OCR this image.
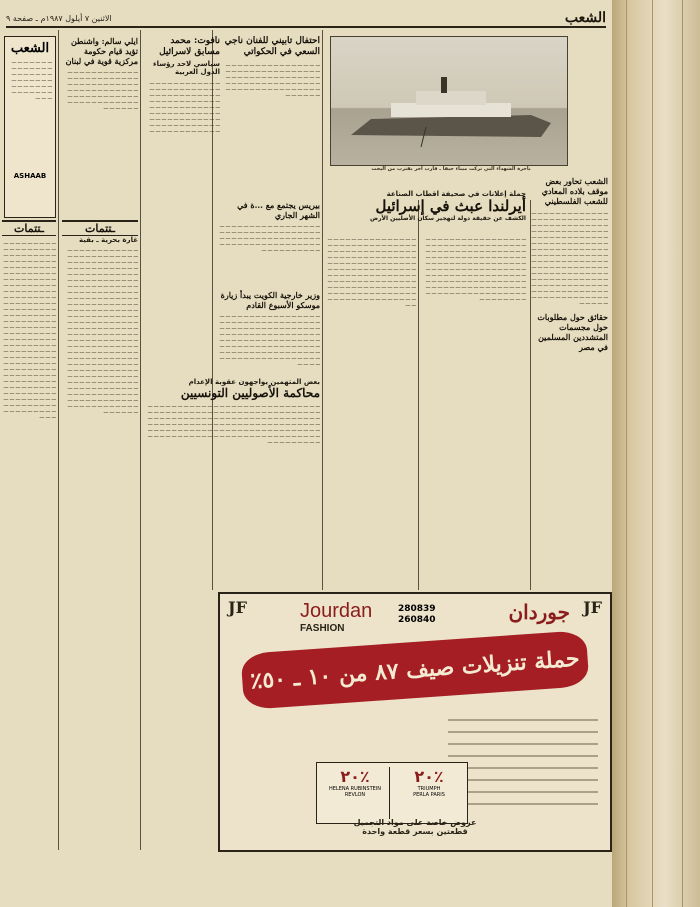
الشعب
الاثنين ٧ أيلول ١٩٨٧م ـ صفحة ٩
الشعب
ـــ ـــ ـــ ـــ ـــ ـــ ـــ ـــ ـــ ـــ ـــ ـــ ـــ ـــ ـــ ـــ ـــ ـــ ـــ ـــ ـــ ـــ ـــ ـــ ـــ ـــ ـــ ـــ ـــ ـــ ـــ ـــ ـــ ـــ ـــ ـــ ـــ ـــ ـــ ـــ ـــ ـــ ـــ ـــ ـــ
ASHAAB
باخرة الشهداء التي تركت ميناء حيفا ـ قارب آخر يقترب من اليخت
الشعب تحاور بعض موقف بلاده المعادي للشعب الفلسطيني
ـــ ـــ ـــ ـــ ـــ ـــ ـــ ـــ ـــ ـــ ـــ ـــ ـــ ـــ ـــ ـــ ـــ ـــ ـــ ـــ ـــ ـــ ـــ ـــ ـــ ـــ ـــ ـــ ـــ ـــ ـــ ـــ ـــ ـــ ـــ ـــ ـــ ـــ ـــ ـــ ـــ ـــ ـــ ـــ ـــ ـــ ـــ ـــ ـــ ـــ ـــ ـــ ـــ ـــ ـــ ـــ ـــ ـــ ـــ ـــ ـــ ـــ ـــ ـــ ـــ ـــ ـــ ـــ ـــ ـــ ـــ ـــ ـــ ـــ ـــ ـــ ـــ ـــ ـــ ـــ ـــ ـــ ـــ ـــ ـــ ـــ ـــ ـــ ـــ ـــ ـــ ـــ ـــ ـــ ـــ ـــ ـــ ـــ ـــ ـــ ـــ ـــ ـــ ـــ ـــ ـــ ـــ ـــ ـــ ـــ ـــ ـــ ـــ ـــ ـــ ـــ ـــ ـــ ـــ ـــ ـــ ـــ ـــ ـــ ـــ ـــ ـــ ـــ ـــ ـــ ـــ ـــ ـــ ـــ ـــ ـــ ـــ ـــ ـــ ـــ ـــ ـــ ـــ ـــ ـــ ـــ ـــ ـــ ـــ ـــ ـــ ـــ ـــ ـــ ـــ ـــ ـــ ـــ ـــ ـــ ـــ ـــ ـــ ـــ ـــ ـــ ـــ ـــ ـــ ـــ ـــ ـــ ـــ ـــ ـــ ـــ ـــ ـــ ـــ ـــ ـــ ـــ ـــ ـــ ـــ ـــ ـــ ـــ ـــ ـــ ـــ ـــ ـــ ـــ ـــ ـــ ـــ ـــ ـــ ـــ
حقائق حول مطلوبات حول مجسمات المتشددين المسلمين في مصر
احتفال تأبيني للفنان ناجي السعي في الحكواتي
ـــ ـــ ـــ ـــ ـــ ـــ ـــ ـــ ـــ ـــ ـــ ـــ ـــ ـــ ـــ ـــ ـــ ـــ ـــ ـــ ـــ ـــ ـــ ـــ ـــ ـــ ـــ ـــ ـــ ـــ ـــ ـــ ـــ ـــ ـــ ـــ ـــ ـــ ـــ ـــ ـــ ـــ ـــ ـــ ـــ ـــ ـــ ـــ ـــ ـــ ـــ ـــ ـــ ـــ ـــ ـــ ـــ ـــ ـــ ـــ ـــ ـــ ـــ ـــ ـــ ـــ ـــ ـــ ـــ ـــ ـــ ـــ ـــ ـــ ـــ ـــ ـــ ـــ ـــ ـــ ـــ ـــ ـــ ـــ ـــ ـــ
حملة إعلانات في صحيفة اقطاب الصناعة
أيرلندا عبث في إسرائيل
الكشف عن حقيقة دولة لتهجير سكان الأصليين الأرض
ـــ ـــ ـــ ـــ ـــ ـــ ـــ ـــ ـــ ـــ ـــ ـــ ـــ ـــ ـــ ـــ ـــ ـــ ـــ ـــ ـــ ـــ ـــ ـــ ـــ ـــ ـــ ـــ ـــ ـــ ـــ ـــ ـــ ـــ ـــ ـــ ـــ ـــ ـــ ـــ ـــ ـــ ـــ ـــ ـــ ـــ ـــ ـــ ـــ ـــ ـــ ـــ ـــ ـــ ـــ ـــ ـــ ـــ ـــ ـــ ـــ ـــ ـــ ـــ ـــ ـــ ـــ ـــ ـــ ـــ ـــ ـــ ـــ ـــ ـــ ـــ ـــ ـــ ـــ ـــ ـــ ـــ ـــ ـــ ـــ ـــ ـــ ـــ ـــ ـــ ـــ ـــ ـــ ـــ ـــ ـــ ـــ ـــ ـــ ـــ ـــ ـــ ـــ ـــ ـــ ـــ ـــ ـــ ـــ ـــ ـــ ـــ ـــ ـــ ـــ ـــ ـــ ـــ ـــ ـــ ـــ ـــ ـــ ـــ ـــ ـــ ـــ ـــ ـــ ـــ ـــ ـــ ـــ ـــ ـــ ـــ ـــ ـــ ـــ ـــ ـــ ـــ ـــ ـــ ـــ ـــ ـــ ـــ ـــ ـــ ـــ ـــ ـــ ـــ ـــ ـــ ـــ ـــ ـــ ـــ ـــ ـــ ـــ ـــ ـــ ـــ ـــ
ـــ ـــ ـــ ـــ ـــ ـــ ـــ ـــ ـــ ـــ ـــ ـــ ـــ ـــ ـــ ـــ ـــ ـــ ـــ ـــ ـــ ـــ ـــ ـــ ـــ ـــ ـــ ـــ ـــ ـــ ـــ ـــ ـــ ـــ ـــ ـــ ـــ ـــ ـــ ـــ ـــ ـــ ـــ ـــ ـــ ـــ ـــ ـــ ـــ ـــ ـــ ـــ ـــ ـــ ـــ ـــ ـــ ـــ ـــ ـــ ـــ ـــ ـــ ـــ ـــ ـــ ـــ ـــ ـــ ـــ ـــ ـــ ـــ ـــ ـــ ـــ ـــ ـــ ـــ ـــ ـــ ـــ ـــ ـــ ـــ ـــ ـــ ـــ ـــ ـــ ـــ ـــ ـــ ـــ ـــ ـــ ـــ ـــ ـــ ـــ ـــ ـــ ـــ ـــ ـــ ـــ ـــ ـــ ـــ ـــ ـــ ـــ ـــ ـــ ـــ ـــ ـــ ـــ ـــ ـــ ـــ ـــ ـــ ـــ ـــ ـــ ـــ ـــ ـــ ـــ ـــ ـــ ـــ ـــ ـــ ـــ ـــ ـــ ـــ ـــ ـــ ـــ ـــ ـــ ـــ ـــ ـــ ـــ ـــ ـــ ـــ ـــ ـــ ـــ ـــ ـــ ـــ ـــ ـــ ـــ ـــ ـــ ـــ ـــ ـــ ـــ ـــ ـــ ـــ ـــ ـــ ـــ ـــ ـــ ـــ ـــ ـــ ـــ
نافوت: محمد مسابق لاسرائيل
سياسي لاحد رؤساء الدول العربية
ـــ ـــ ـــ ـــ ـــ ـــ ـــ ـــ ـــ ـــ ـــ ـــ ـــ ـــ ـــ ـــ ـــ ـــ ـــ ـــ ـــ ـــ ـــ ـــ ـــ ـــ ـــ ـــ ـــ ـــ ـــ ـــ ـــ ـــ ـــ ـــ ـــ ـــ ـــ ـــ ـــ ـــ ـــ ـــ ـــ ـــ ـــ ـــ ـــ ـــ ـــ ـــ ـــ ـــ ـــ ـــ ـــ ـــ ـــ ـــ ـــ ـــ ـــ ـــ ـــ ـــ ـــ ـــ ـــ ـــ ـــ ـــ ـــ ـــ ـــ ـــ ـــ ـــ ـــ ـــ ـــ ـــ ـــ ـــ ـــ ـــ ـــ ـــ ـــ ـــ ـــ ـــ ـــ ـــ ـــ ـــ ـــ ـــ ـــ ـــ ـــ ـــ ـــ ـــ ـــ ـــ ـــ ـــ
بيريس يجتمع مع ...ة في الشهر الجاري
ـــ ـــ ـــ ـــ ـــ ـــ ـــ ـــ ـــ ـــ ـــ ـــ ـــ ـــ ـــ ـــ ـــ ـــ ـــ ـــ ـــ ـــ ـــ ـــ ـــ ـــ ـــ ـــ ـــ ـــ ـــ ـــ ـــ ـــ ـــ ـــ ـــ ـــ ـــ ـــ ـــ ـــ ـــ ـــ ـــ ـــ ـــ ـــ ـــ ـــ ـــ ـــ ـــ ـــ ـــ ـــ ـــ ـــ ـــ ـــ ـــ ـــ ـــ ـــ ـــ ـــ ـــ ـــ ـــ ـــ ـــ ـــ ـــ ـــ ـــ ـــ ـــ ـــ
وزير خارجية الكويت يبدأ زيارة موسكو الأسبوع القادم
ـــ ـــ ـــ ـــ ـــ ـــ ـــ ـــ ـــ ـــ ـــ ـــ ـــ ـــ ـــ ـــ ـــ ـــ ـــ ـــ ـــ ـــ ـــ ـــ ـــ ـــ ـــ ـــ ـــ ـــ ـــ ـــ ـــ ـــ ـــ ـــ ـــ ـــ ـــ ـــ ـــ ـــ ـــ ـــ ـــ ـــ ـــ ـــ ـــ ـــ ـــ ـــ ـــ ـــ ـــ ـــ ـــ ـــ ـــ ـــ ـــ ـــ ـــ ـــ ـــ ـــ ـــ ـــ ـــ ـــ ـــ ـــ ـــ ـــ ـــ ـــ ـــ ـــ ـــ ـــ ـــ ـــ ـــ ـــ ـــ ـــ ـــ ـــ ـــ ـــ ـــ ـــ ـــ ـــ ـــ ـــ ـــ ـــ ـــ ـــ ـــ ـــ ـــ ـــ ـــ ـــ ـــ ـــ ـــ ـــ ـــ ـــ ـــ ـــ ـــ ـــ ـــ ـــ ـــ ـــ ـــ ـــ ـــ ـــ ـــ ـــ ـــ ـــ ـــ ـــ ـــ ـــ ـــ ـــ ـــ ـــ ـــ ـــ ـــ ـــ
بعض المتهمين يواجهون عقوبة الإعدام
محاكمة الأصوليين التونسيين
ـــ ـــ ـــ ـــ ـــ ـــ ـــ ـــ ـــ ـــ ـــ ـــ ـــ ـــ ـــ ـــ ـــ ـــ ـــ ـــ ـــ ـــ ـــ ـــ ـــ ـــ ـــ ـــ ـــ ـــ ـــ ـــ ـــ ـــ ـــ ـــ ـــ ـــ ـــ ـــ ـــ ـــ ـــ ـــ ـــ ـــ ـــ ـــ ـــ ـــ ـــ ـــ ـــ ـــ ـــ ـــ ـــ ـــ ـــ ـــ ـــ ـــ ـــ ـــ ـــ ـــ ـــ ـــ ـــ ـــ ـــ ـــ ـــ ـــ ـــ ـــ ـــ ـــ ـــ ـــ ـــ ـــ ـــ ـــ ـــ ـــ ـــ ـــ ـــ ـــ ـــ ـــ ـــ ـــ ـــ ـــ ـــ ـــ ـــ ـــ ـــ ـــ ـــ ـــ ـــ ـــ ـــ ـــ ـــ ـــ ـــ ـــ ـــ ـــ ـــ ـــ ـــ ـــ ـــ ـــ ـــ ـــ ـــ ـــ ـــ ـــ ـــ ـــ ـــ ـــ ـــ ـــ ـــ ـــ ـــ ـــ ـــ ـــ ـــ ـــ ـــ ـــ ـــ ـــ ـــ ـــ ـــ ـــ ـــ ـــ ـــ ـــ ـــ ـــ ـــ ـــ ـــ ـــ ـــ ـــ ـــ ـــ ـــ ـــ ـــ ـــ ـــ ـــ ـــ ـــ ـــ ـــ ـــ ـــ ـــ ـــ ـــ ـــ ـــ ـــ ـــ ـــ ـــ
ايلي سالم: واشنطن تؤيد قيام حكومة مركزية قوية في لبنان
ـــ ـــ ـــ ـــ ـــ ـــ ـــ ـــ ـــ ـــ ـــ ـــ ـــ ـــ ـــ ـــ ـــ ـــ ـــ ـــ ـــ ـــ ـــ ـــ ـــ ـــ ـــ ـــ ـــ ـــ ـــ ـــ ـــ ـــ ـــ ـــ ـــ ـــ ـــ ـــ ـــ ـــ ـــ ـــ ـــ ـــ ـــ ـــ ـــ ـــ ـــ ـــ ـــ ـــ ـــ ـــ ـــ ـــ ـــ ـــ ـــ ـــ ـــ ـــ ـــ ـــ ـــ ـــ ـــ ـــ ـــ ـــ ـــ ـــ ـــ ـــ ـــ ـــ
ـتتمات	ـتتمات
غارة بحرية ـ بقية
ـــ ـــ ـــ ـــ ـــ ـــ ـــ ـــ ـــ ـــ ـــ ـــ ـــ ـــ ـــ ـــ ـــ ـــ ـــ ـــ ـــ ـــ ـــ ـــ ـــ ـــ ـــ ـــ ـــ ـــ ـــ ـــ ـــ ـــ ـــ ـــ ـــ ـــ ـــ ـــ ـــ ـــ ـــ ـــ ـــ ـــ ـــ ـــ ـــ ـــ ـــ ـــ ـــ ـــ ـــ ـــ ـــ ـــ ـــ ـــ ـــ ـــ ـــ ـــ ـــ ـــ ـــ ـــ ـــ ـــ ـــ ـــ ـــ ـــ ـــ ـــ ـــ ـــ ـــ ـــ ـــ ـــ ـــ ـــ ـــ ـــ ـــ ـــ ـــ ـــ ـــ ـــ ـــ ـــ ـــ ـــ ـــ ـــ ـــ ـــ ـــ ـــ ـــ ـــ ـــ ـــ ـــ ـــ ـــ ـــ ـــ ـــ ـــ ـــ ـــ ـــ ـــ ـــ ـــ ـــ ـــ ـــ ـــ ـــ ـــ ـــ ـــ ـــ ـــ ـــ ـــ ـــ ـــ ـــ ـــ ـــ ـــ ـــ ـــ ـــ ـــ ـــ ـــ ـــ ـــ ـــ ـــ ـــ ـــ ـــ ـــ ـــ ـــ ـــ ـــ ـــ ـــ ـــ ـــ ـــ ـــ ـــ ـــ ـــ ـــ ـــ ـــ ـــ ـــ ـــ ـــ ـــ ـــ ـــ ـــ ـــ ـــ ـــ ـــ ـــ ـــ ـــ ـــ ـــ ـــ ـــ ـــ ـــ ـــ ـــ ـــ ـــ ـــ ـــ ـــ ـــ ـــ ـــ ـــ ـــ ـــ ـــ ـــ ـــ ـــ ـــ ـــ ـــ ـــ ـــ ـــ ـــ ـــ ـــ ـــ ـــ ـــ ـــ ـــ ـــ ـــ ـــ ـــ ـــ ـــ ـــ ـــ ـــ ـــ ـــ ـــ ـــ ـــ ـــ ـــ ـــ ـــ ـــ ـــ ـــ ـــ ـــ ـــ ـــ ـــ ـــ ـــ ـــ ـــ ـــ ـــ ـــ ـــ ـــ ـــ ـــ ـــ ـــ ـــ ـــ ـــ ـــ ـــ ـــ ـــ ـــ ـــ ـــ ـــ ـــ ـــ ـــ ـــ ـــ ـــ ـــ ـــ ـــ ـــ ـــ ـــ ـــ ـــ ـــ ـــ ـــ ـــ ـــ ـــ ـــ ـــ ـــ ـــ ـــ ـــ ـــ ـــ ـــ ـــ ـــ ـــ ـــ ـــ ـــ ـــ ـــ ـــ ـــ ـــ ـــ ـــ ـــ ـــ ـــ ـــ ـــ ـــ ـــ ـــ ـــ ـــ ـــ ـــ ـــ ـــ ـــ ـــ ـــ ـــ ـــ
ـــ ـــ ـــ ـــ ـــ ـــ ـــ ـــ ـــ ـــ ـــ ـــ ـــ ـــ ـــ ـــ ـــ ـــ ـــ ـــ ـــ ـــ ـــ ـــ ـــ ـــ ـــ ـــ ـــ ـــ ـــ ـــ ـــ ـــ ـــ ـــ ـــ ـــ ـــ ـــ ـــ ـــ ـــ ـــ ـــ ـــ ـــ ـــ ـــ ـــ ـــ ـــ ـــ ـــ ـــ ـــ ـــ ـــ ـــ ـــ ـــ ـــ ـــ ـــ ـــ ـــ ـــ ـــ ـــ ـــ ـــ ـــ ـــ ـــ ـــ ـــ ـــ ـــ ـــ ـــ ـــ ـــ ـــ ـــ ـــ ـــ ـــ ـــ ـــ ـــ ـــ ـــ ـــ ـــ ـــ ـــ ـــ ـــ ـــ ـــ ـــ ـــ ـــ ـــ ـــ ـــ ـــ ـــ ـــ ـــ ـــ ـــ ـــ ـــ ـــ ـــ ـــ ـــ ـــ ـــ ـــ ـــ ـــ ـــ ـــ ـــ ـــ ـــ ـــ ـــ ـــ ـــ ـــ ـــ ـــ ـــ ـــ ـــ ـــ ـــ ـــ ـــ ـــ ـــ ـــ ـــ ـــ ـــ ـــ ـــ ـــ ـــ ـــ ـــ ـــ ـــ ـــ ـــ ـــ ـــ ـــ ـــ ـــ ـــ ـــ ـــ ـــ ـــ ـــ ـــ ـــ ـــ ـــ ـــ ـــ ـــ ـــ ـــ ـــ ـــ ـــ ـــ ـــ ـــ ـــ ـــ ـــ ـــ ـــ ـــ ـــ ـــ ـــ ـــ ـــ ـــ ـــ ـــ ـــ ـــ ـــ ـــ ـــ ـــ ـــ ـــ ـــ ـــ ـــ ـــ ـــ ـــ ـــ ـــ ـــ ـــ ـــ ـــ ـــ ـــ ـــ ـــ ـــ ـــ ـــ ـــ ـــ ـــ ـــ ـــ ـــ ـــ ـــ ـــ ـــ ـــ ـــ ـــ ـــ ـــ ـــ ـــ ـــ ـــ ـــ ـــ ـــ ـــ ـــ ـــ ـــ ـــ ـــ ـــ ـــ ـــ ـــ ـــ ـــ ـــ ـــ ـــ ـــ ـــ
JF	JF
Jourdan
FASHION
280839
260840	جوردان
حملة تنزيلات صيف ٨٧ من ١٠ ـ ٥٠٪
٪٢٠
HELENA RUBINSTEIN
REVLON
٪٢٠
TRIUMPH
PERLA PARIS
عروض خاصة على مواد التجميل
قطعتين بسعر قطعة واحدة
